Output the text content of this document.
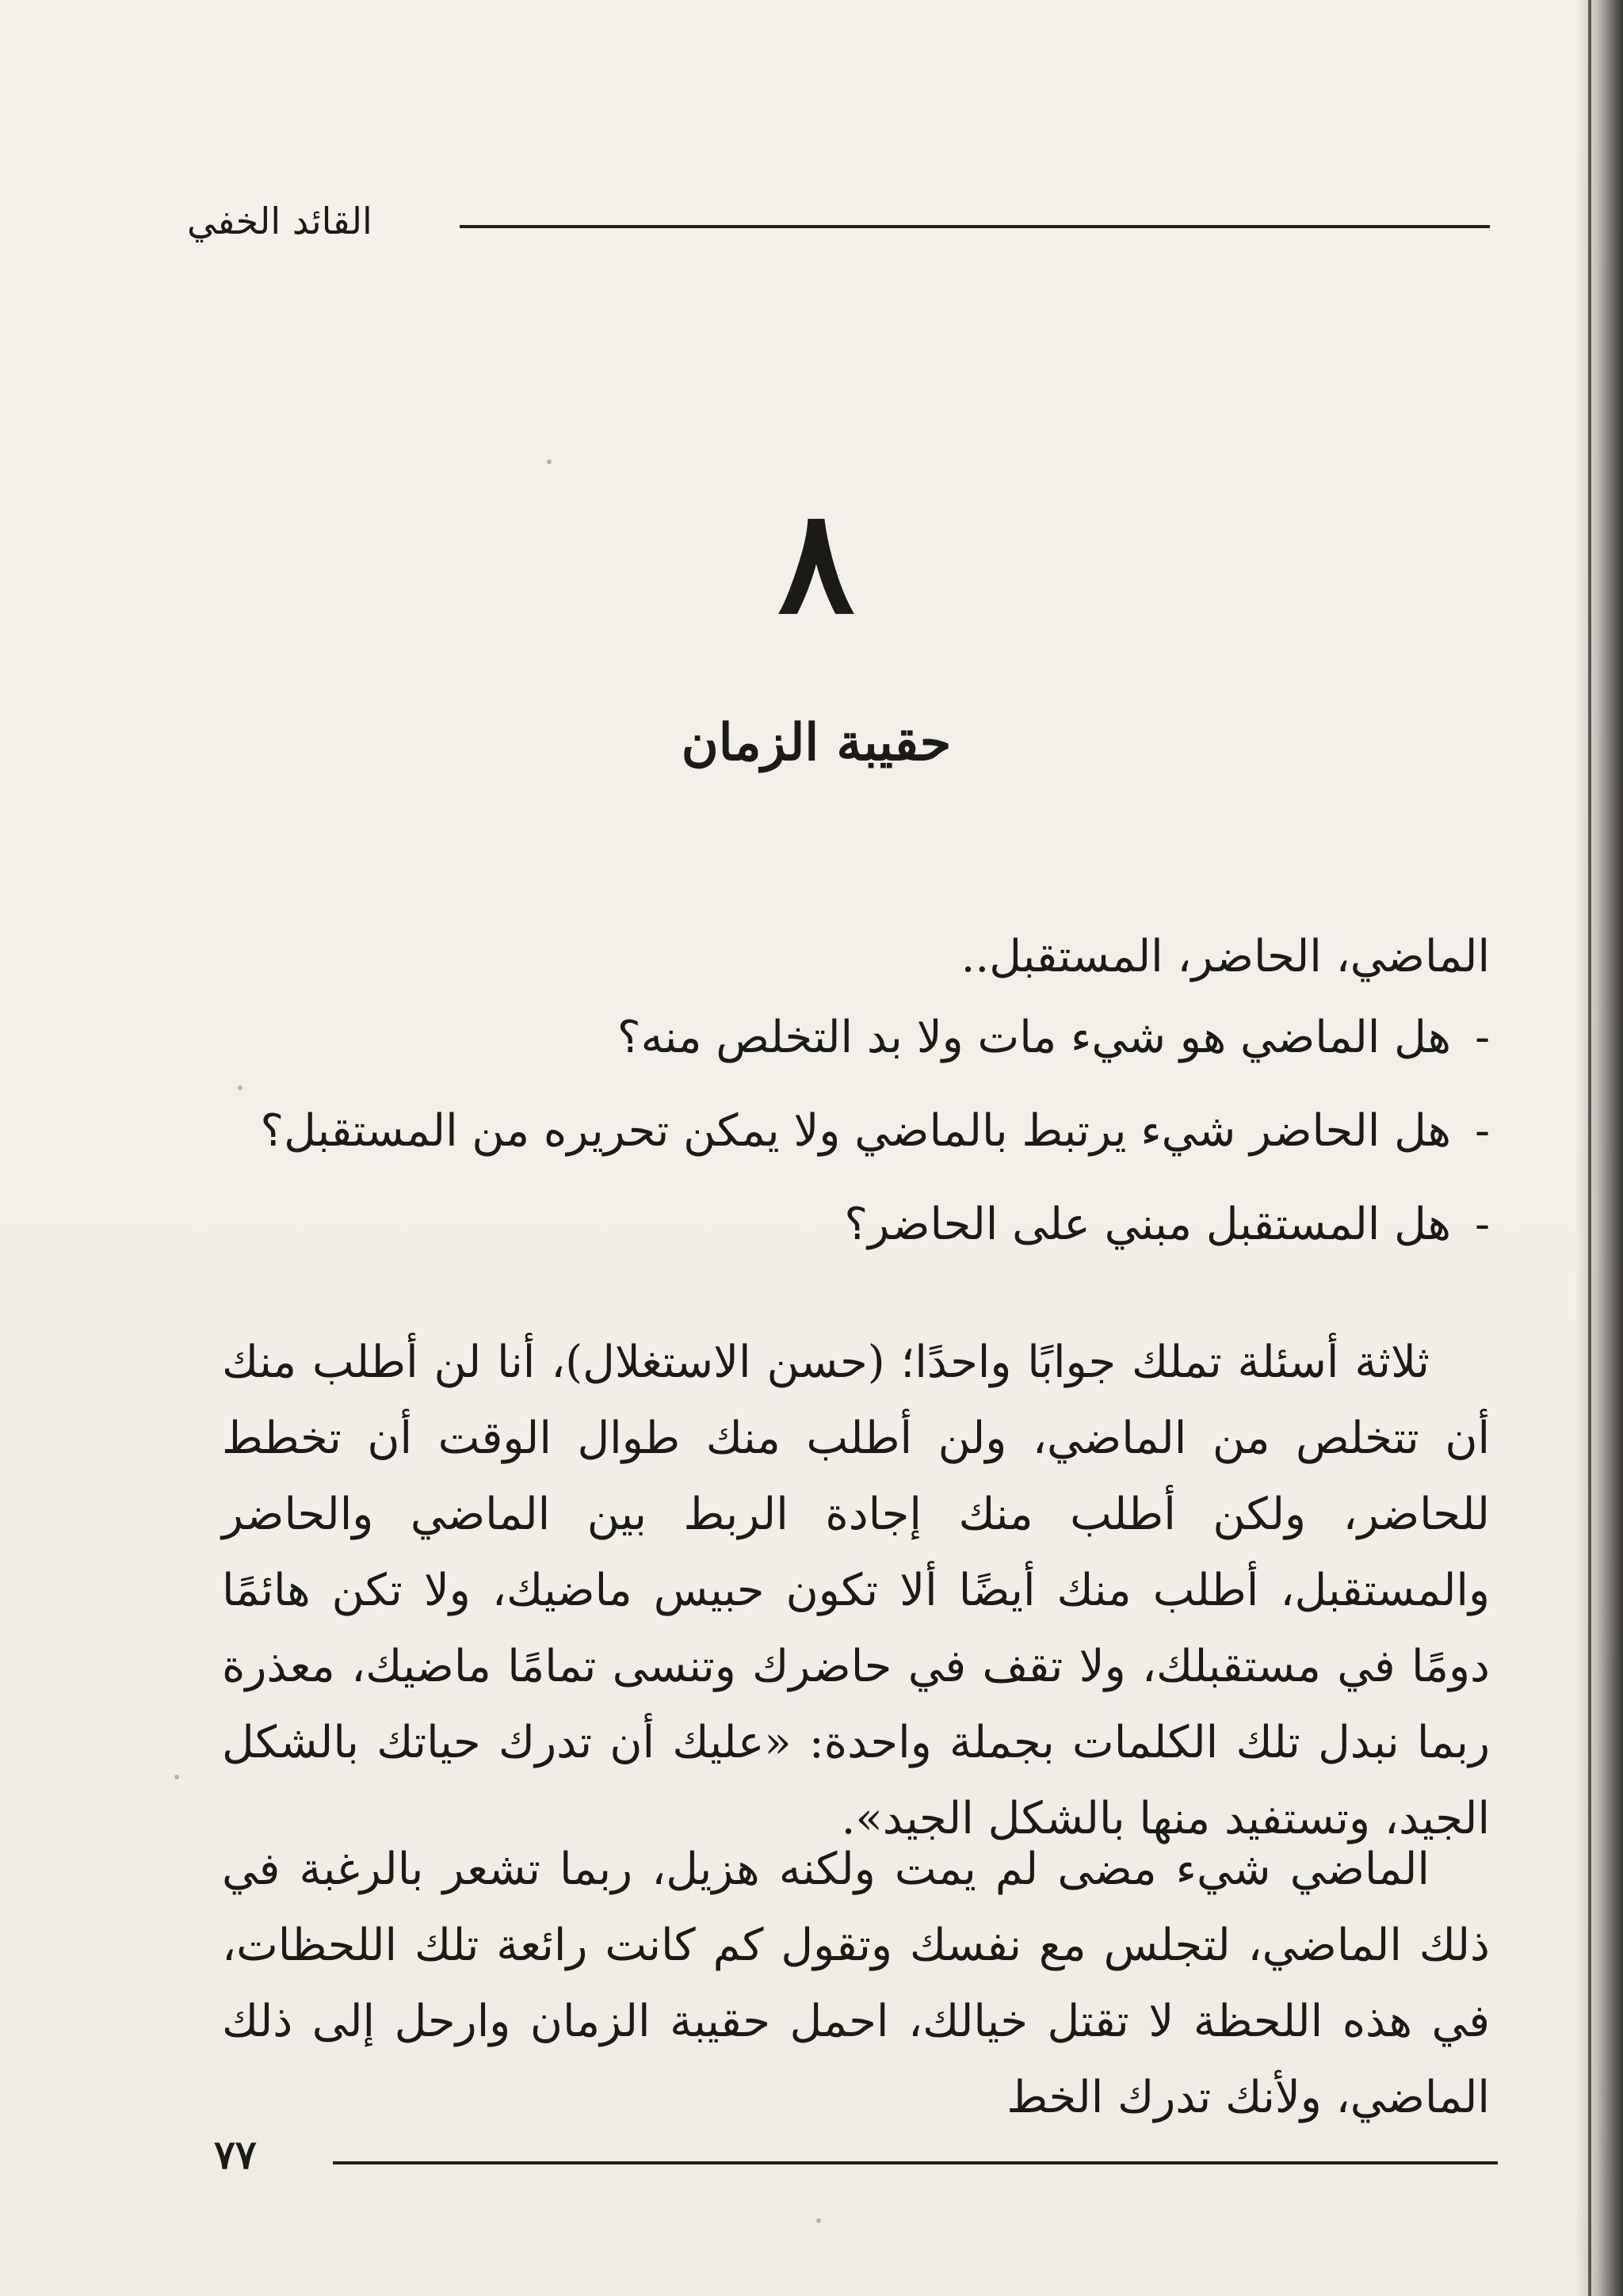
القائد الخفي
٨
حقيبة الزمان
الماضي، الحاضر، المستقبل..
-هل الماضي هو شيء مات ولا بد التخلص منه؟
-هل الحاضر شيء يرتبط بالماضي ولا يمكن تحريره من المستقبل؟
-هل المستقبل مبني على الحاضر؟
ثلاثة أسئلة تملك جوابًا واحدًا؛ (حسن الاستغلال)، أنا لن أطلب منك أن تتخلص من الماضي، ولن أطلب منك طوال الوقت أن تخطط للحاضر، ولكن أطلب منك إجادة الربط بين الماضي والحاضر والمستقبل، أطلب منك أيضًا ألا تكون حبيس ماضيك، ولا تكن هائمًا دومًا في مستقبلك، ولا تقف في حاضرك وتنسى تمامًا ماضيك، معذرة ربما نبدل تلك الكلمات بجملة واحدة: «عليك أن تدرك حياتك بالشكل الجيد، وتستفيد منها بالشكل الجيد».
الماضي شيء مضى لم يمت ولكنه هزيل، ربما تشعر بالرغبة في ذلك الماضي، لتجلس مع نفسك وتقول كم كانت رائعة تلك اللحظات، في هذه اللحظة لا تقتل خيالك، احمل حقيبة الزمان وارحل إلى ذلك الماضي، ولأنك تدرك الخط
٧٧
